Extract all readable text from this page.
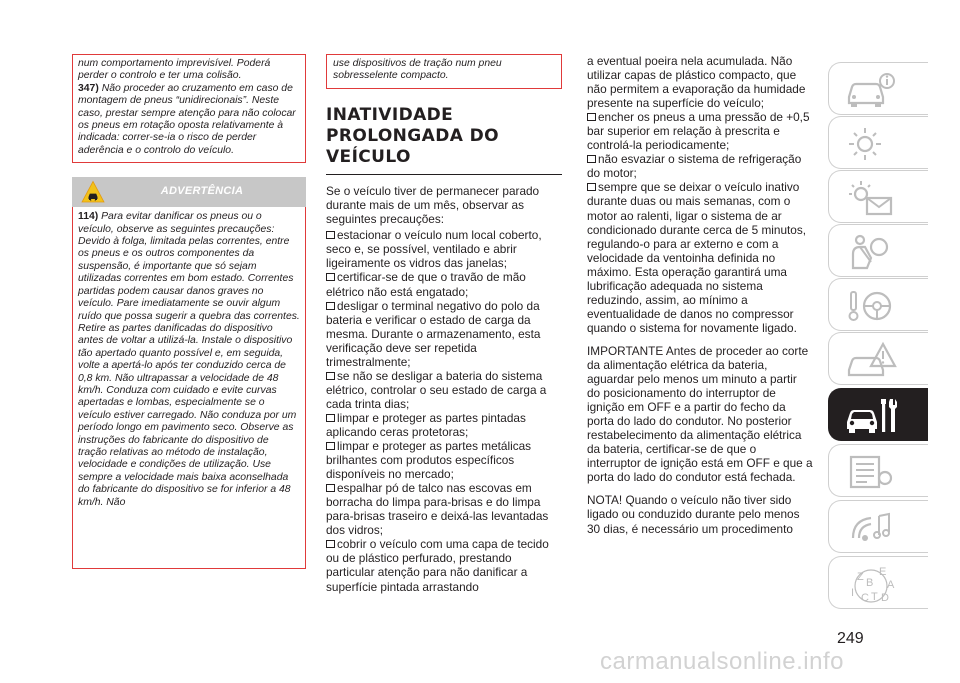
num comportamento imprevisível. Poderá perder o controlo e ter uma colisão.

347) Não proceder ao cruzamento em caso de montagem de pneus “unidirecionais”. Neste caso, prestar sempre atenção para não colocar os pneus em rotação oposta relativamente à indicada: correr-se-ia o risco de perder aderência e o controlo do veículo.

ADVERTÊNCIA

114) Para evitar danificar os pneus ou o veículo, observe as seguintes precauções: Devido à folga, limitada pelas correntes, entre os pneus e os outros componentes da suspensão, é importante que só sejam utilizadas correntes em bom estado. Correntes partidas podem causar danos graves no veículo. Pare imediatamente se ouvir algum ruído que possa sugerir a quebra das correntes. Retire as partes danificadas do dispositivo antes de voltar a utilizá-la. Instale o dispositivo tão apertado quanto possível e, em seguida, volte a apertá-lo após ter conduzido cerca de 0,8 km. Não ultrapassar a velocidade de 48 km/h. Conduza com cuidado e evite curvas apertadas e lombas, especialmente se o veículo estiver carregado. Não conduza por um período longo em pavimento seco. Observe as instruções do fabricante do dispositivo de tração relativas ao método de instalação, velocidade e condições de utilização. Use sempre a velocidade mais baixa aconselhada do fabricante do dispositivo se for inferior a 48 km/h. Não

use dispositivos de tração num pneu sobresselente compacto.

INATIVIDADE
PROLONGADA DO
VEÍCULO

Se o veículo tiver de permanecer parado durante mais de um mês, observar as seguintes precauções:

estacionar o veículo num local coberto, seco e, se possível, ventilado e abrir ligeiramente os vidros das janelas;
certificar-se de que o travão de mão elétrico não está engatado;
desligar o terminal negativo do polo da bateria e verificar o estado de carga da mesma. Durante o armazenamento, esta verificação deve ser repetida trimestralmente;
se não se desligar a bateria do sistema elétrico, controlar o seu estado de carga a cada trinta dias;
limpar e proteger as partes pintadas aplicando ceras protetoras;
limpar e proteger as partes metálicas brilhantes com produtos específicos disponíveis no mercado;
espalhar pó de talco nas escovas em borracha do limpa para-brisas e do limpa para-brisas traseiro e deixá-las levantadas dos vidros;
cobrir o veículo com uma capa de tecido ou de plástico perfurado, prestando particular atenção para não danificar a superfície pintada arrastando

a eventual poeira nela acumulada. Não utilizar capas de plástico compacto, que não permitem a evaporação da humidade presente na superfície do veículo;

encher os pneus a uma pressão de +0,5 bar superior em relação à prescrita e controlá-la periodicamente;
não esvaziar o sistema de refrigeração do motor;
sempre que se deixar o veículo inativo durante duas ou mais semanas, com o motor ao ralenti, ligar o sistema de ar condicionado durante cerca de 5 minutos, regulando-o para ar externo e com a velocidade da ventoinha definida no máximo. Esta operação garantirá uma lubrificação adequada no sistema reduzindo, assim, ao mínimo a eventualidade de danos no compressor quando o sistema for novamente ligado.

IMPORTANTE Antes de proceder ao corte da alimentação elétrica da bateria, aguardar pelo menos um minuto a partir do posicionamento do interruptor de ignição em OFF e a partir do fecho da porta do lado do condutor. No posterior restabelecimento da alimentação elétrica da bateria, certificar-se de que o interruptor de ignição está em OFF e que a porta do lado do condutor está fechada.

NOTA! Quando o veículo não tiver sido ligado ou conduzido durante pelo menos 30 dias, é necessário um procedimento

249
Z E
B A
I C T D
carmanualsonline.info
